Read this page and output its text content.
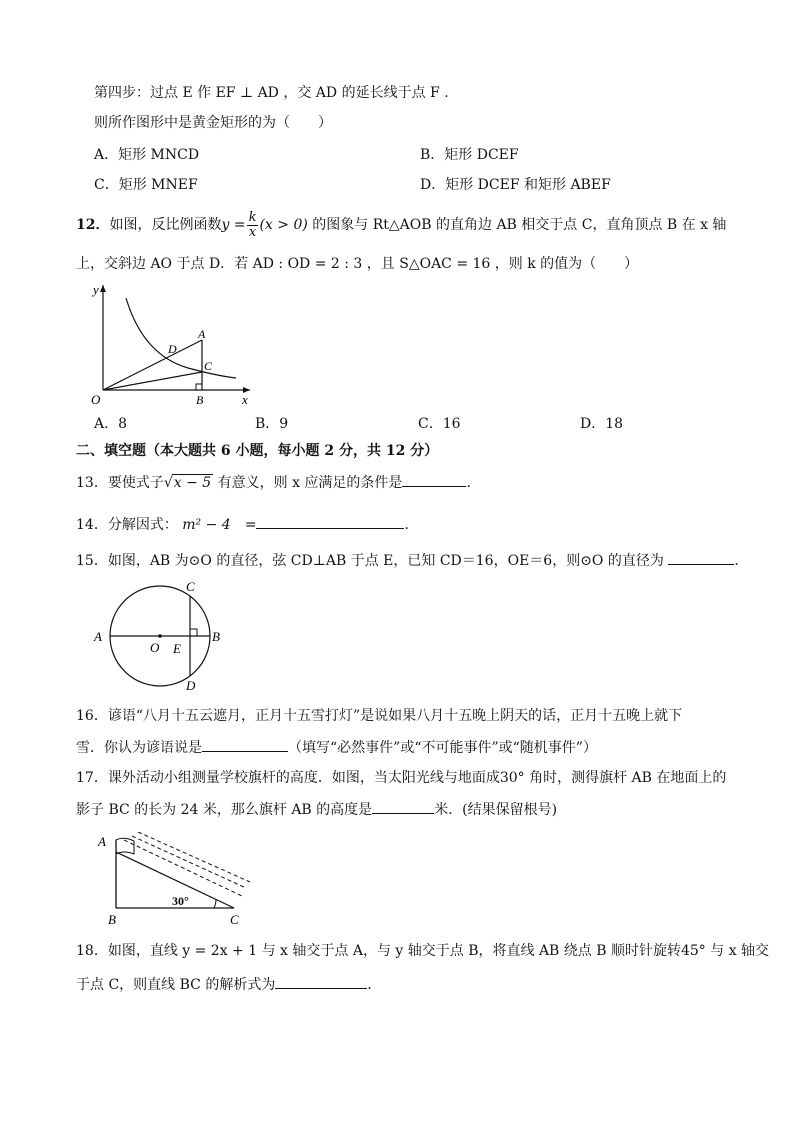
第四步：过点 E 作 EF ⊥ AD ，交 AD 的延长线于点 F .
则所作图形中是黄金矩形的为（　　）
A．矩形 MNCD	B．矩形 DCEF
C．矩形 MNEF	D．矩形 DCEF 和矩形 ABEF
12．如图，反比例函数$y = \frac{k}{x} (x > 0)$ 的图象与 Rt△AOB 的直角边 AB 相交于点 C，直角顶点 B 在 x 轴
上，交斜边 AO 于点 D．若 AD : OD = 2 : 3 ，且 S△OAC = 16 ，则 k 的值为（　　）
y
x
O
A
B
C
D
A．8	B．9	C．16	D．18
二、填空题（本大题共 6 小题，每小题 2 分，共 12 分）
13．要使式子√x − 5 有意义，则 x 应满足的条件是	．
14．分解因式： m² − 4　=	．
15．如图，AB 为⊙O 的直径，弦 CD⊥AB 于点 E，已知 CD＝16，OE＝6，则⊙O 的直径为	．
A	B
C
D
O E
16．谚语“八月十五云遮月，正月十五雪打灯”是说如果八月十五晚上阴天的话，正月十五晚上就下
雪．你认为谚语说是	（填写“必然事件”或“不可能事件”或“随机事件”）
17．课外活动小组测量学校旗杆的高度．如图，当太阳光线与地面成30° 角时，测得旗杆 AB 在地面上的
影子 BC 的长为 24 米，那么旗杆 AB 的高度是	米．(结果保留根号)
A
B	C
30°
18．如图，直线 y = 2x + 1 与 x 轴交于点 A，与 y 轴交于点 B，将直线 AB 绕点 B 顺时针旋转45° 与 x 轴交
于点 C，则直线 BC 的解析式为	．
